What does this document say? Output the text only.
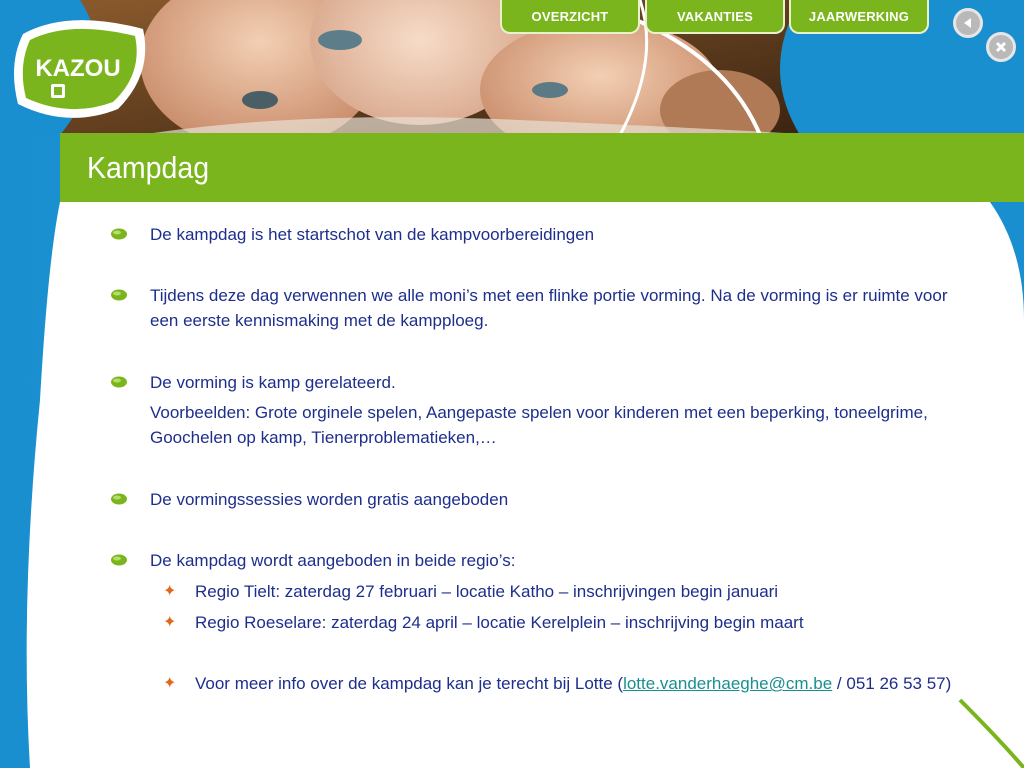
Kampdag
KAZOU
OVERZICHT	VAKANTIES	JAARWERKING
De kampdag is het startschot van de kampvoorbereidingen
Tijdens deze dag verwennen we alle moni’s met een flinke portie vorming. Na de vorming is er ruimte voor
een eerste kennismaking met de kampploeg.
De vorming is kamp gerelateerd.
Voorbeelden: Grote orginele spelen, Aangepaste spelen voor kinderen met een beperking, toneelgrime,
Goochelen op kamp, Tienerproblematieken,…
De vormingssessies worden gratis aangeboden
De kampdag wordt aangeboden in beide regio’s:
✦ Regio Tielt: zaterdag 27 februari – locatie Katho – inschrijvingen begin januari
✦ Regio Roeselare: zaterdag 24 april – locatie Kerelplein – inschrijving begin maart
✦ Voor meer info over de kampdag kan je terecht bij Lotte (lotte.vanderhaeghe@cm.be / 051 26 53 57)
